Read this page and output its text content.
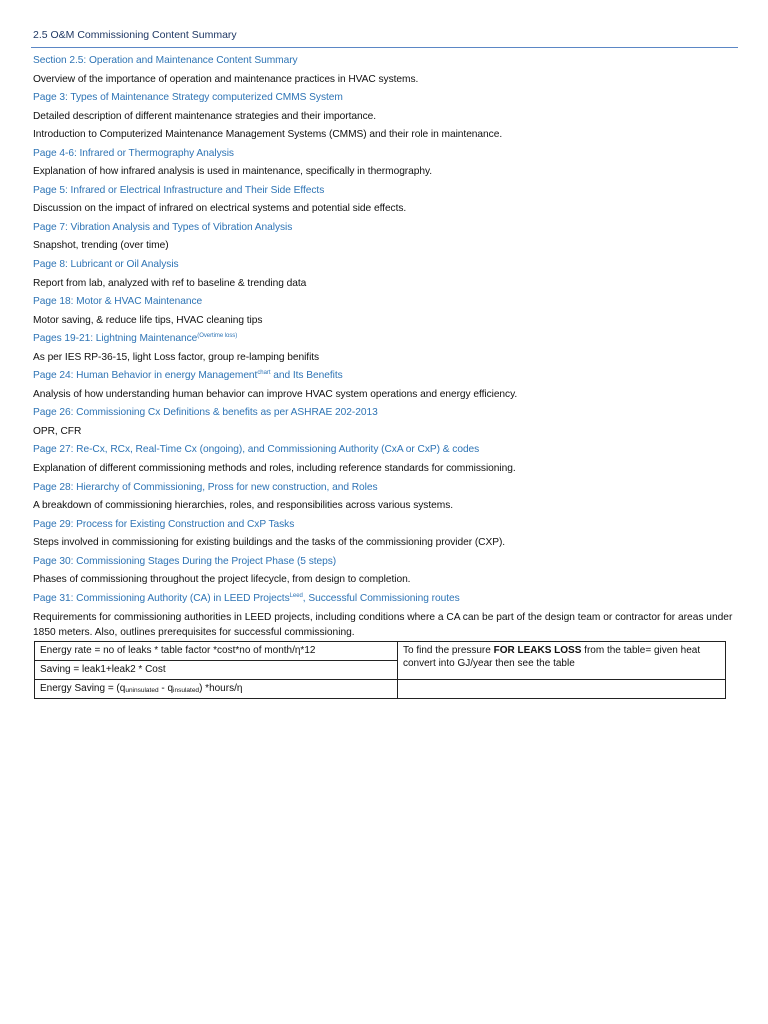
2.5 O&M Commissioning Content Summary
Section 2.5: Operation and Maintenance Content Summary
Overview of the importance of operation and maintenance practices in HVAC systems.
Page 3: Types of Maintenance Strategy computerized CMMS System
Detailed description of different maintenance strategies and their importance.
Introduction to Computerized Maintenance Management Systems (CMMS) and their role in maintenance.
Page 4-6: Infrared or Thermography Analysis
Explanation of how infrared analysis is used in maintenance, specifically in thermography.
Page 5: Infrared or Electrical Infrastructure and Their Side Effects
Discussion on the impact of infrared on electrical systems and potential side effects.
Page 7: Vibration Analysis and Types of Vibration Analysis
Snapshot, trending (over time)
Page 8: Lubricant or Oil Analysis
Report from lab, analyzed with ref to baseline & trending data
Page 18: Motor & HVAC Maintenance
Motor saving, & reduce life tips, HVAC cleaning tips
Pages 19-21: Lightning Maintenance$^{(Overtime loss)}$
As per IES RP-36-15, light Loss factor, group re-lamping benifits
Page 24: Human Behavior in energy Management$^{chart}$ and Its Benefits
Analysis of how understanding human behavior can improve HVAC system operations and energy efficiency.
Page 26: Commissioning Cx Definitions & benefits as per ASHRAE 202-2013
OPR, CFR
Page 27: Re-Cx, RCx, Real-Time Cx (ongoing), and Commissioning Authority (CxA or CxP) & codes
Explanation of different commissioning methods and roles, including reference standards for commissioning.
Page 28: Hierarchy of Commissioning, Pross for new construction, and Roles
A breakdown of commissioning hierarchies, roles, and responsibilities across various systems.
Page 29: Process for Existing Construction and CxP Tasks
Steps involved in commissioning for existing buildings and the tasks of the commissioning provider (CXP).
Page 30: Commissioning Stages During the Project Phase (5 steps)
Phases of commissioning throughout the project lifecycle, from design to completion.
Page 31: Commissioning Authority (CA) in LEED Projects$^{Leed}$, Successful Commissioning routes
Requirements for commissioning authorities in LEED projects, including conditions where a CA can be part of the design team or contractor for areas under 1850 meters. Also, outlines prerequisites for successful commissioning.
Energy rate = no of leaks * table factor *cost*no of month/η*12	To find the pressure FOR LEAKS LOSS from the table= given heat convert into GJ/year then see the table
Saving = leak1+leak2 * Cost	
Energy Saving = $(q_{uninsulated} - q_{insulated})$ *hours/η	
